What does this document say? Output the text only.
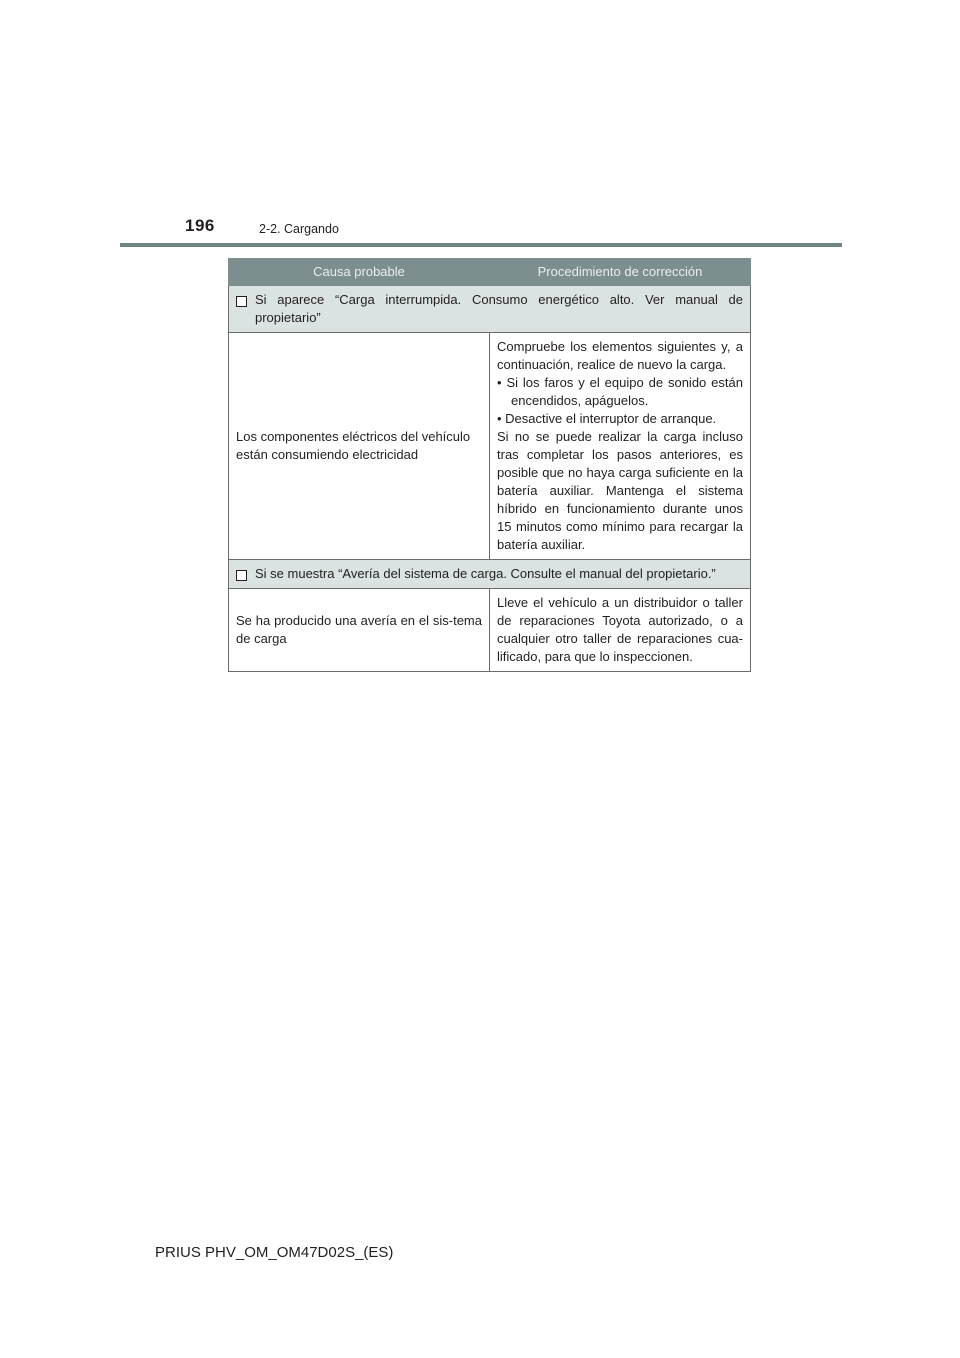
196	2-2. Cargando
Causa probable	Procedimiento de corrección

Si aparece “Carga interrumpida. Consumo energético alto. Ver manual de propietario”	
Los componentes eléctricos del vehículo están consumiendo electricidad	Compruebe los elementos siguientes y, a continuación, realice de nuevo la carga.
• Si los faros y el equipo de sonido están encendidos, apáguelos.
• Desactive el interruptor de arranque.
Si no se puede realizar la carga incluso tras completar los pasos anteriores, es posible que no haya carga suficiente en la batería auxiliar. Mantenga el sistema híbrido en funcionamiento durante unos 15 minutos como mínimo para recargar la batería auxiliar.

Si se muestra “Avería del sistema de carga. Consulte el manual del propietario.”	
Se ha producido una avería en el sis-tema de carga	Lleve el vehículo a un distribuidor o taller de reparaciones Toyota autorizado, o a cualquier otro taller de reparaciones cua-lificado, para que lo inspeccionen.
PRIUS PHV_OM_OM47D02S_(ES)
